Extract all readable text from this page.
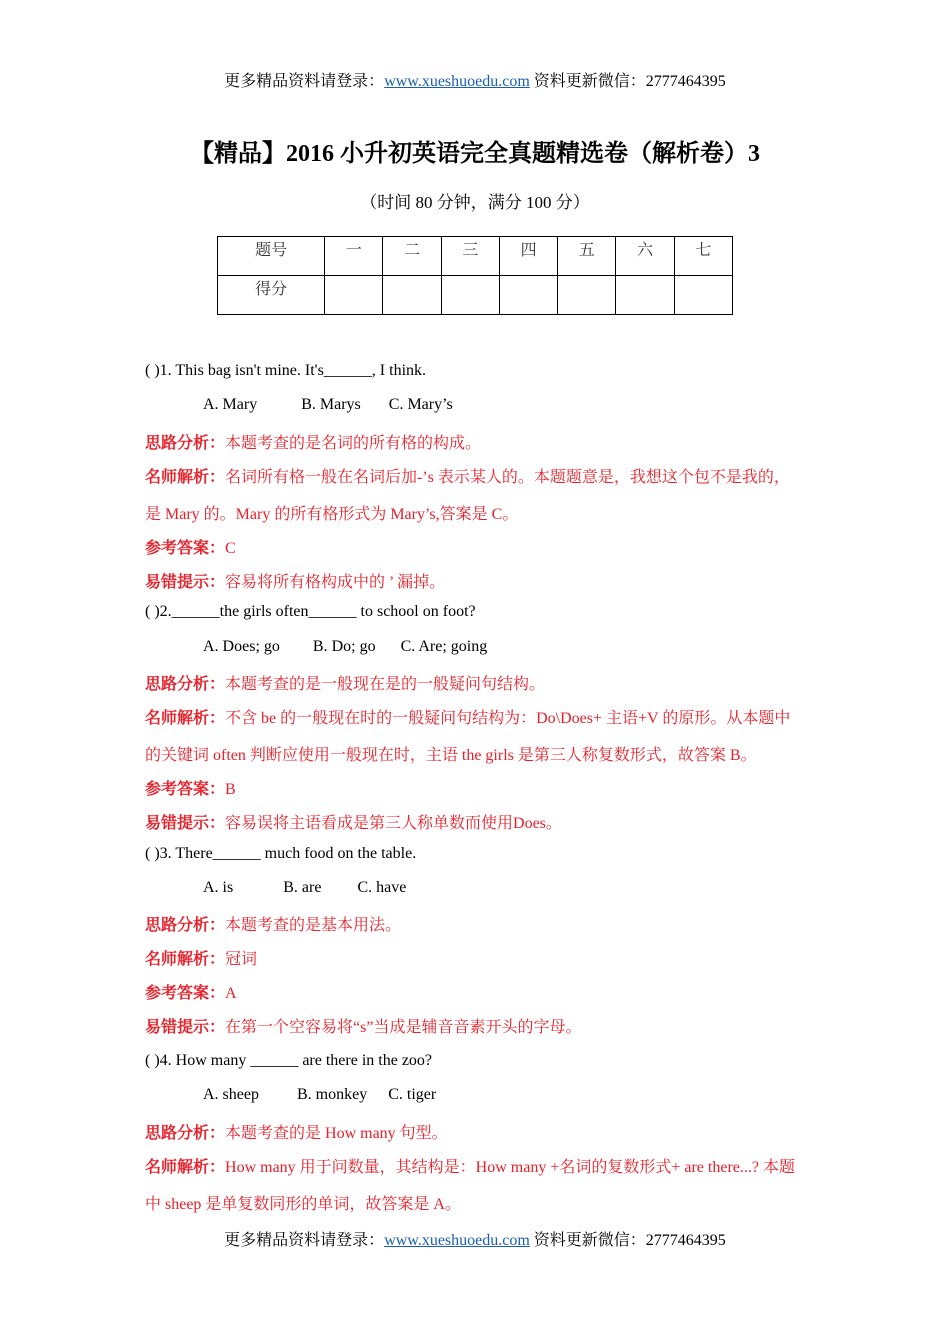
更多精品资料请登录：www.xueshuoedu.com 资料更新微信：2777464395
【精品】2016 小升初英语完全真题精选卷（解析卷）3
（时间 80 分钟，满分 100 分）
题号	一	二	三	四	五	六	七
得分							
( )1. This bag isn't mine. It's______, I think.
A. Mary	B. Marys C. Mary’s
思路分析：本题考查的是名词的所有格的构成。
名师解析：名词所有格一般在名词后加-’s 表示某人的。本题题意是，我想这个包不是我的，
是 Mary 的。Mary 的所有格形式为 Mary’s,答案是 C。
参考答案：C
易错提示：容易将所有格构成中的 ’ 漏掉。
( )2.______the girls often______ to school on foot?
A. Does; go B. Do; go C. Are; going
思路分析：本题考查的是一般现在是的一般疑问句结构。
名师解析：不含 be 的一般现在时的一般疑问句结构为：Do\Does+ 主语+V 的原形。从本题中
的关键词 often 判断应使用一般现在时，主语 the girls 是第三人称复数形式，故答案 B。
参考答案：B
易错提示：容易误将主语看成是第三人称单数而使用Does。
( )3. There______ much food on the table.
A. is	B. are C. have
思路分析：本题考查的是基本用法。
名师解析：冠词
参考答案：A
易错提示：在第一个空容易将“s”当成是辅音音素开头的字母。
( )4. How many ______ are there in the zoo?
A. sheep B. monkey C. tiger
思路分析：本题考查的是 How many 句型。
名师解析：How many 用于问数量，其结构是：How many +名词的复数形式+ are there...? 本题
中 sheep 是单复数同形的单词，故答案是 A。
更多精品资料请登录：www.xueshuoedu.com 资料更新微信：2777464395
